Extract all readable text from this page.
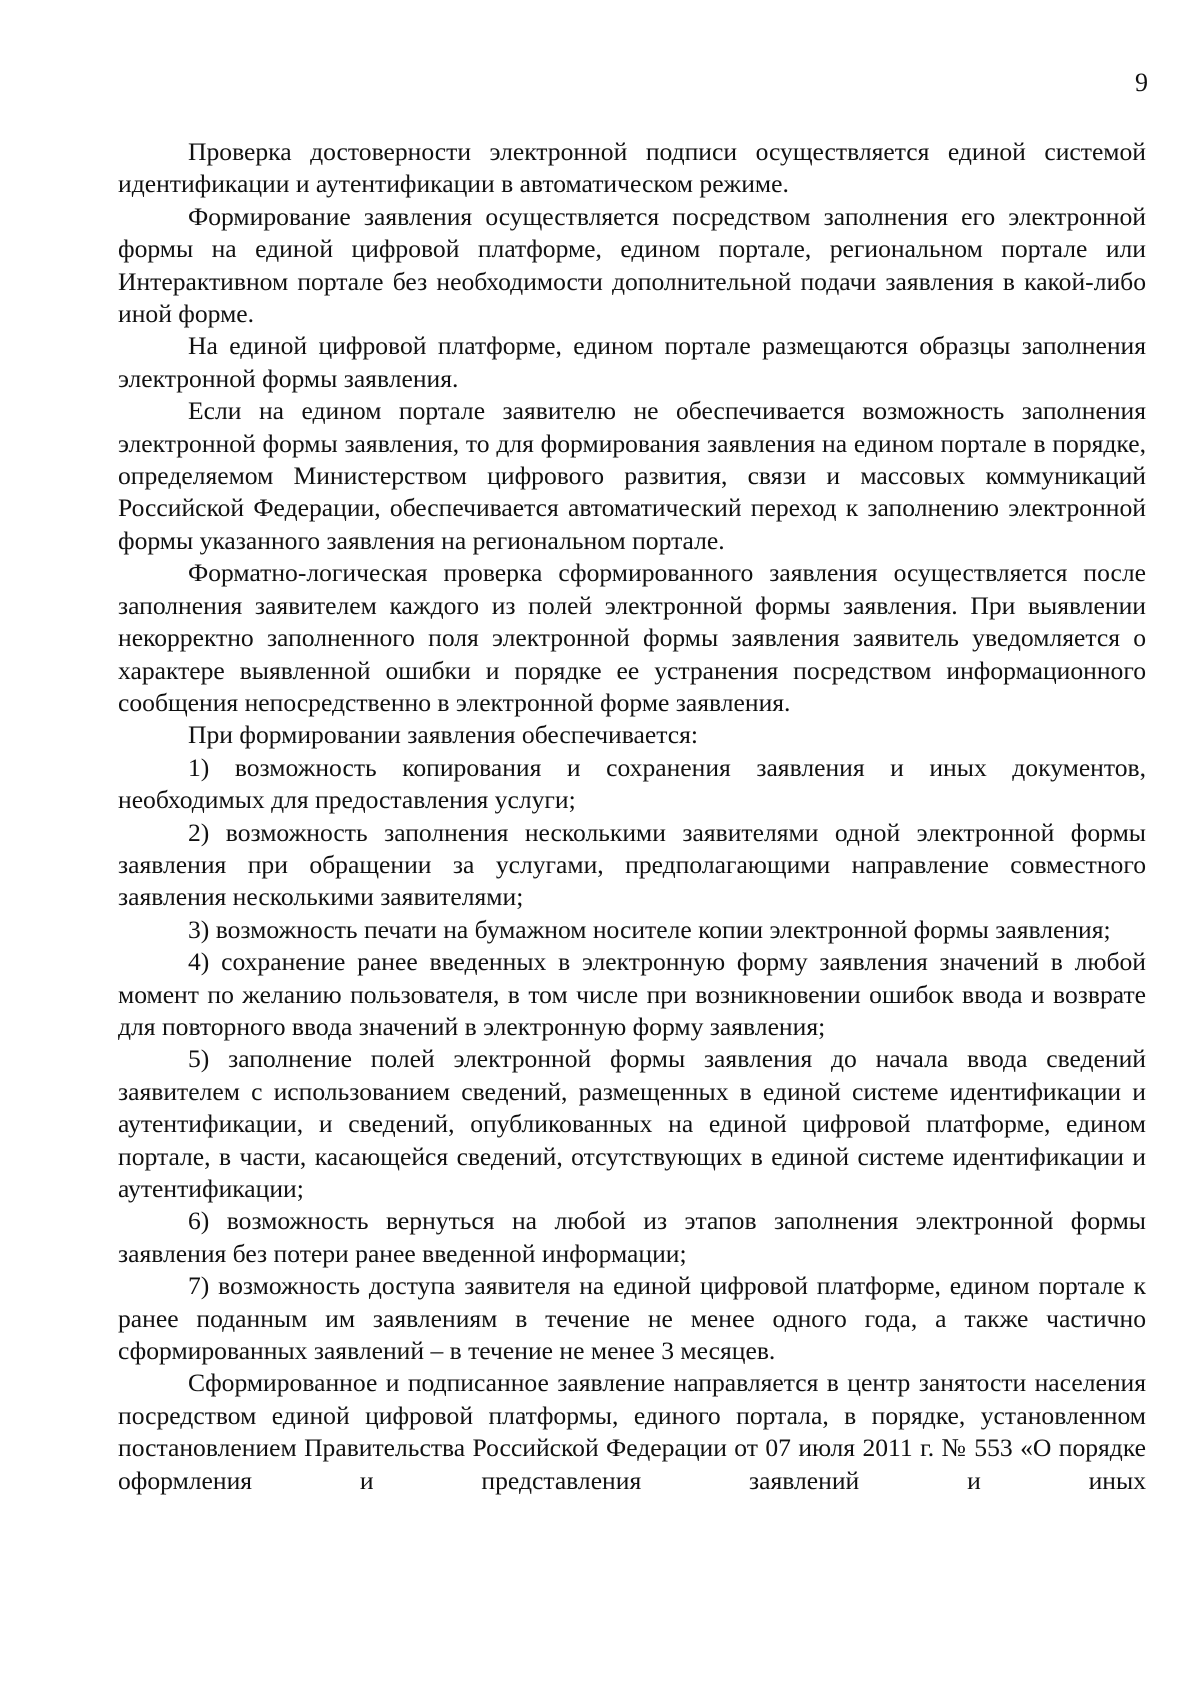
9

Проверка достоверности электронной подписи осуществляется единой системой идентификации и аутентификации в автоматическом режиме.

Формирование заявления осуществляется посредством заполнения его электронной формы на единой цифровой платформе, едином портале, региональном портале или Интерактивном портале без необходимости дополнительной подачи заявления в какой-либо иной форме.

На единой цифровой платформе, едином портале размещаются образцы заполнения электронной формы заявления.

Если на едином портале заявителю не обеспечивается возможность заполнения электронной формы заявления, то для формирования заявления на едином портале в порядке, определяемом Министерством цифрового развития, связи и массовых коммуникаций Российской Федерации, обеспечивается автоматический переход к заполнению электронной формы указанного заявления на региональном портале.

Форматно-логическая проверка сформированного заявления осуществляется после заполнения заявителем каждого из полей электронной формы заявления. При выявлении некорректно заполненного поля электронной формы заявления заявитель уведомляется о характере выявленной ошибки и порядке ее устранения посредством информационного сообщения непосредственно в электронной форме заявления.

При формировании заявления обеспечивается:

1) возможность копирования и сохранения заявления и иных документов, необходимых для предоставления услуги;

2) возможность заполнения несколькими заявителями одной электронной формы заявления при обращении за услугами, предполагающими направление совместного заявления несколькими заявителями;

3) возможность печати на бумажном носителе копии электронной формы заявления;

4) сохранение ранее введенных в электронную форму заявления значений в любой момент по желанию пользователя, в том числе при возникновении ошибок ввода и возврате для повторного ввода значений в электронную форму заявления;

5) заполнение полей электронной формы заявления до начала ввода сведений заявителем с использованием сведений, размещенных в единой системе идентификации и аутентификации, и сведений, опубликованных на единой цифровой платформе, едином портале, в части, касающейся сведений, отсутствующих в единой системе идентификации и аутентификации;

6) возможность вернуться на любой из этапов заполнения электронной формы заявления без потери ранее введенной информации;

7) возможность доступа заявителя на единой цифровой платформе, едином портале к ранее поданным им заявлениям в течение не менее одного года, а также частично сформированных заявлений – в течение не менее 3 месяцев.

Сформированное и подписанное заявление направляется в центр занятости населения посредством единой цифровой платформы, единого портала, в порядке, установленном постановлением Правительства Российской Федерации от 07 июля 2011 г. № 553 «О порядке оформления и представления заявлений и иных
